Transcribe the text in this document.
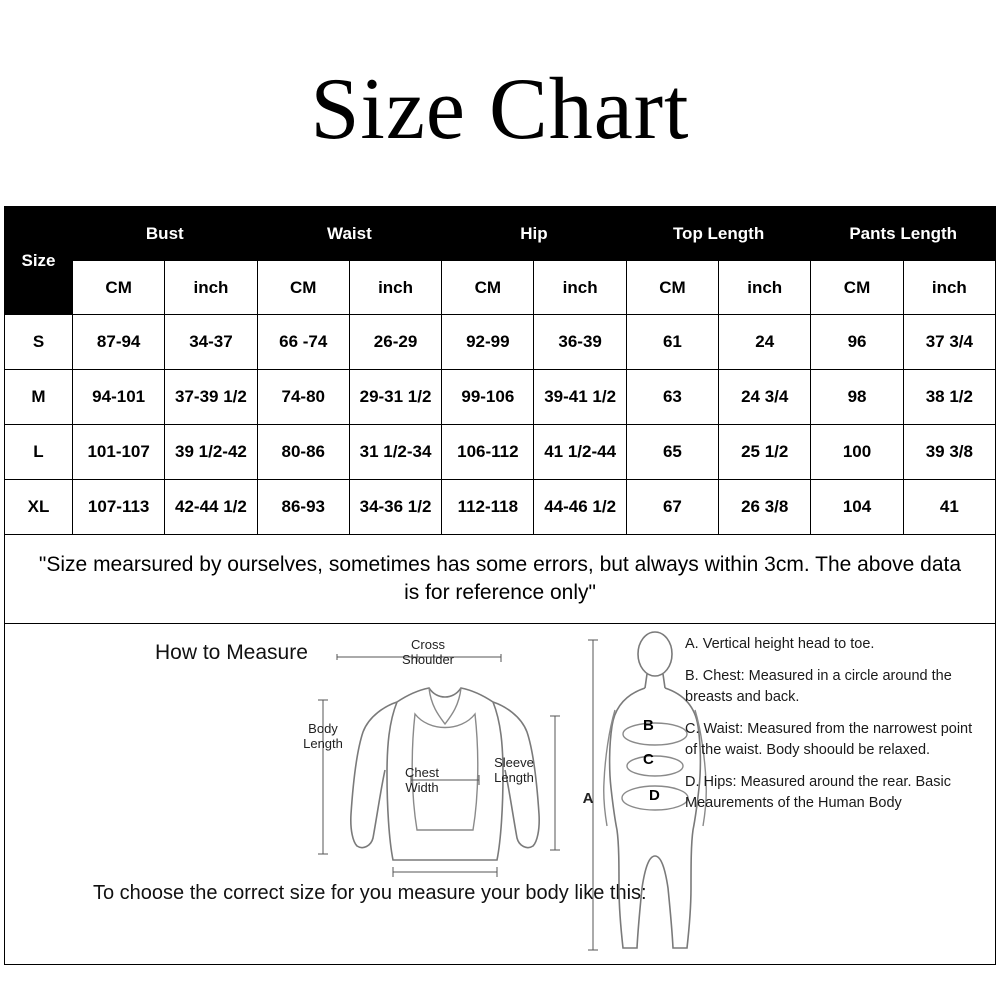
Size Chart
Size	Bust		Waist		Hip		Top Length		Pants Length	
	CM	inch	CM	inch	CM	inch	CM	inch	CM	inch
S	87-94	34-37	66 -74	26-29	92-99	36-39	61	24	96	37 3/4
M	94-101	37-39 1/2	74-80	29-31 1/2	99-106	39-41 1/2	63	24 3/4	98	38 1/2
L	101-107	39 1/2-42	80-86	31 1/2-34	106-112	41 1/2-44	65	25 1/2	100	39 3/8
XL	107-113	42-44 1/2	86-93	34-36 1/2	112-118	44-46 1/2	67	26 3/8	104	41
"Size mearsured by ourselves, sometimes has some errors, but always within 3cm. The above data is for reference only"
How to Measure
To choose the correct size for you measure your body like this:
Cross
Shoulder
Body
Length
Chest
Width
Sleeve
Length
B
C
D
A

A. Vertical height head to toe.

B. Chest: Measured in a circle around the breasts and back.

C. Waist: Measured from the narrowest point of the waist. Body shoould be relaxed.

D. Hips: Measured around the rear. Basic Meaurements of the Human Body
